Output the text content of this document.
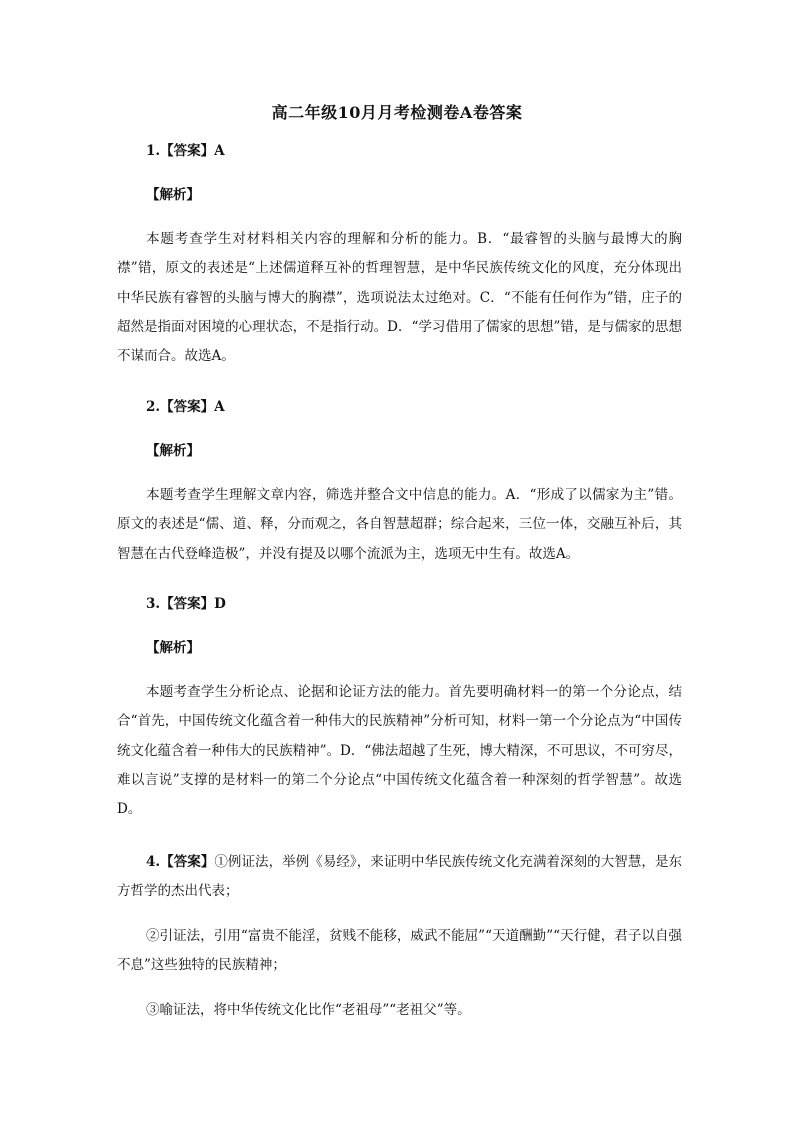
高二年级10月月考检测卷A卷答案
1.【答案】A
【解析】
本题考查学生对材料相关内容的理解和分析的能力。B．“最睿智的头脑与最博大的胸襟”错，原文的表述是“上述儒道释互补的哲理智慧，是中华民族传统文化的风度，充分体现出中华民族有睿智的头脑与博大的胸襟”，选项说法太过绝对。C．“不能有任何作为”错，庄子的超然是指面对困境的心理状态，不是指行动。D．“学习借用了儒家的思想”错，是与儒家的思想不谋而合。故选A。
2.【答案】A
【解析】
本题考查学生理解文章内容，筛选并整合文中信息的能力。A．“形成了以儒家为主”错。原文的表述是“儒、道、释，分而观之，各自智慧超群；综合起来，三位一体，交融互补后，其智慧在古代登峰造极”，并没有提及以哪个流派为主，选项无中生有。故选A。
3.【答案】D
【解析】
本题考查学生分析论点、论据和论证方法的能力。首先要明确材料一的第一个分论点，结合“首先，中国传统文化蕴含着一种伟大的民族精神”分析可知，材料一第一个分论点为“中国传统文化蕴含着一种伟大的民族精神”。D．“佛法超越了生死，博大精深，不可思议，不可穷尽，难以言说”支撑的是材料一的第二个分论点“中国传统文化蕴含着一种深刻的哲学智慧”。故选D。
4.【答案】①例证法，举例《易经》，来证明中华民族传统文化充满着深刻的大智慧，是东方哲学的杰出代表；
②引证法，引用“富贵不能淫，贫贱不能移，威武不能屈”“天道酬勤”“天行健，君子以自强不息”这些独特的民族精神；
③喻证法，将中华传统文化比作“老祖母”“老祖父”等。
